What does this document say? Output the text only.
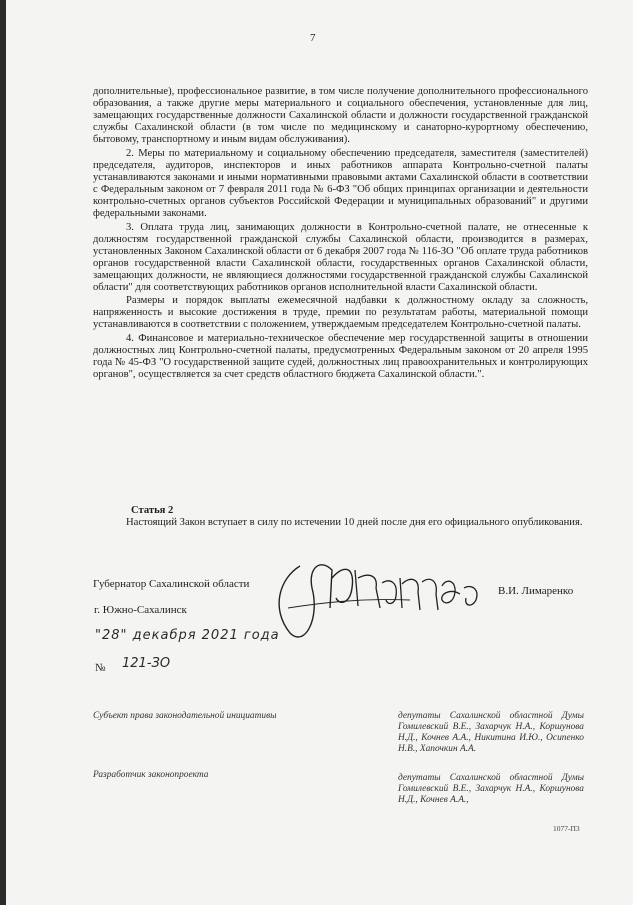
7

дополнительные), профессиональное развитие, в том числе получение дополнительного профессионального образования, а также другие меры материального и социального обеспечения, установленные для лиц, замещающих государственные должности Сахалинской области и должности государственной гражданской службы Сахалинской области (в том числе по медицинскому и санаторно-курортному обеспечению, бытовому, транспортному и иным видам обслуживания).

2. Меры по материальному и социальному обеспечению председателя, заместителя (заместителей) председателя, аудиторов, инспекторов и иных работников аппарата Контрольно-счетной палаты устанавливаются законами и иными нормативными правовыми актами Сахалинской области в соответствии с Федеральным законом от 7 февраля 2011 года № 6-ФЗ "Об общих принципах организации и деятельности контрольно-счетных органов субъектов Российской Федерации и муниципальных образований" и другими федеральными законами.

3. Оплата труда лиц, занимающих должности в Контрольно-счетной палате, не отнесенные к должностям государственной гражданской службы Сахалинской области, производится в размерах, установленных Законом Сахалинской области от 6 декабря 2007 года № 116-ЗО "Об оплате труда работников органов государственной власти Сахалинской области, государственных органов Сахалинской области, замещающих должности, не являющиеся должностями государственной гражданской службы Сахалинской области" для соответствующих работников органов исполнительной власти Сахалинской области.

Размеры и порядок выплаты ежемесячной надбавки к должностному окладу за сложность, напряженность и высокие достижения в труде, премии по результатам работы, материальной помощи устанавливаются в соответствии с положением, утверждаемым председателем Контрольно-счетной палаты.

4. Финансовое и материально-техническое обеспечение мер государственной защиты в отношении должностных лиц Контрольно-счетной палаты, предусмотренных Федеральным законом от 20 апреля 1995 года № 45-ФЗ "О государственной защите судей, должностных лиц правоохранительных и контролирующих органов", осуществляется за счет средств областного бюджета Сахалинской области.".

Статья 2
Настоящий Закон вступает в силу по истечении 10 дней после дня его официального опубликования.
Губернатор Сахалинской области
В.И. Лимаренко
г. Южно-Сахалинск
"28" декабря 2021 года
№ 121-ЗО
Субъект права законодательной инициативы	депутаты Сахалинской областной Думы Гомилевский В.Е., Захарчук Н.А., Коршунова Н.Д., Кочнев А.А., Никитина И.Ю., Осипенко Н.В., Хапочкин А.А.
Разработчик законопроекта	депутаты Сахалинской областной Думы Гомилевский В.Е., Захарчук Н.А., Коршунова Н.Д., Кочнев А.А.,
1077-П3
